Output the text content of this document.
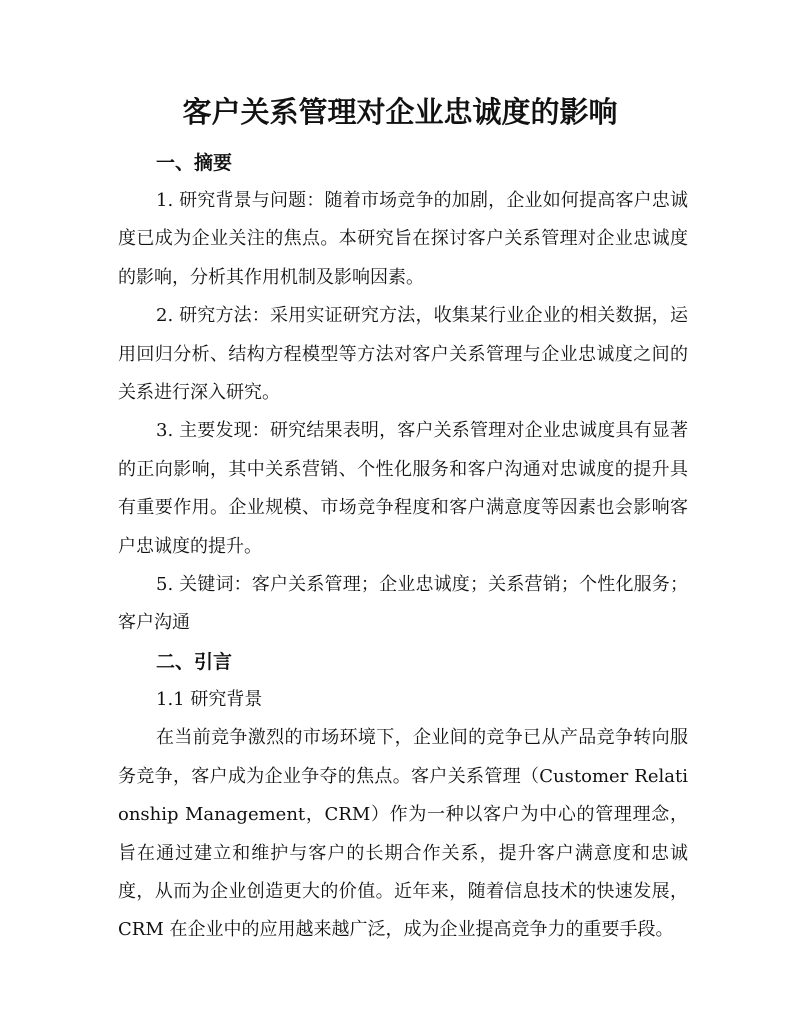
客户关系管理对企业忠诚度的影响
一、摘要

1. 研究背景与问题：随着市场竞争的加剧，企业如何提高客户忠诚度已成为企业关注的焦点。本研究旨在探讨客户关系管理对企业忠诚度的影响，分析其作用机制及影响因素。

2. 研究方法：采用实证研究方法，收集某行业企业的相关数据，运用回归分析、结构方程模型等方法对客户关系管理与企业忠诚度之间的关系进行深入研究。

3. 主要发现：研究结果表明，客户关系管理对企业忠诚度具有显著的正向影响，其中关系营销、个性化服务和客户沟通对忠诚度的提升具有重要作用。企业规模、市场竞争程度和客户满意度等因素也会影响客户忠诚度的提升。

5. 关键词：客户关系管理；企业忠诚度；关系营销；个性化服务；客户沟通

二、引言

1.1 研究背景

在当前竞争激烈的市场环境下，企业间的竞争已从产品竞争转向服务竞争，客户成为企业争夺的焦点。客户关系管理（Customer Relationship Management，CRM）作为一种以客户为中心的管理理念，旨在通过建立和维护与客户的长期合作关系，提升客户满意度和忠诚度，从而为企业创造更大的价值。近年来，随着信息技术的快速发展，CRM 在企业中的应用越来越广泛，成为企业提高竞争力的重要手段。
